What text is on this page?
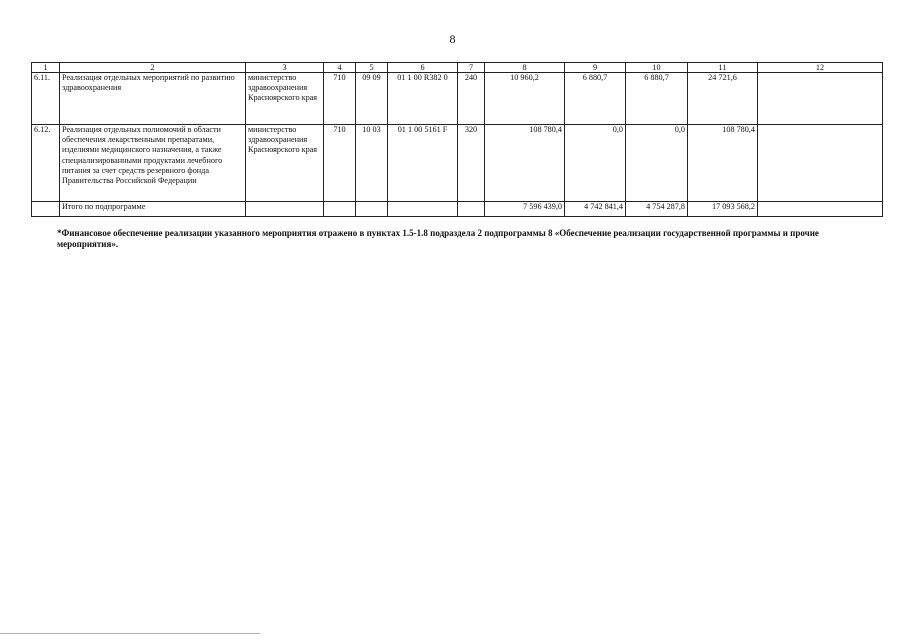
8
1	2	3	4	5	6	7	8	9	10	11	12
6.11.	Реализация отдельных мероприятий по развитию здравоохранения	министерство здравоохранения Красноярского края	710	09 09	01 1 00 R382 0	240	10 960,2	6 880,7	6 880,7	24 721,6	
6.12.	Реализация отдельных полномочий в области обеспечения лекарственными препаратами, изделиями медицинского назначения, а также специализированными продуктами лечебного питания за счет средств резервного фонда Правительства Российской Федерации	министерство здравоохранения Красноярского края	710	10 03	01 1 00 5161 F	320	108 780,4	0,0	0,0	108 780,4	
	Итого по подпрограмме						7 596 439,0	4 742 841,4	4 754 287,8	17 093 568,2	
*Финансовое обеспечение реализации указанного мероприятия отражено в пунктах 1.5-1.8 подраздела 2 подпрограммы 8 «Обеспечение реализации государственной программы и прочие мероприятия».
